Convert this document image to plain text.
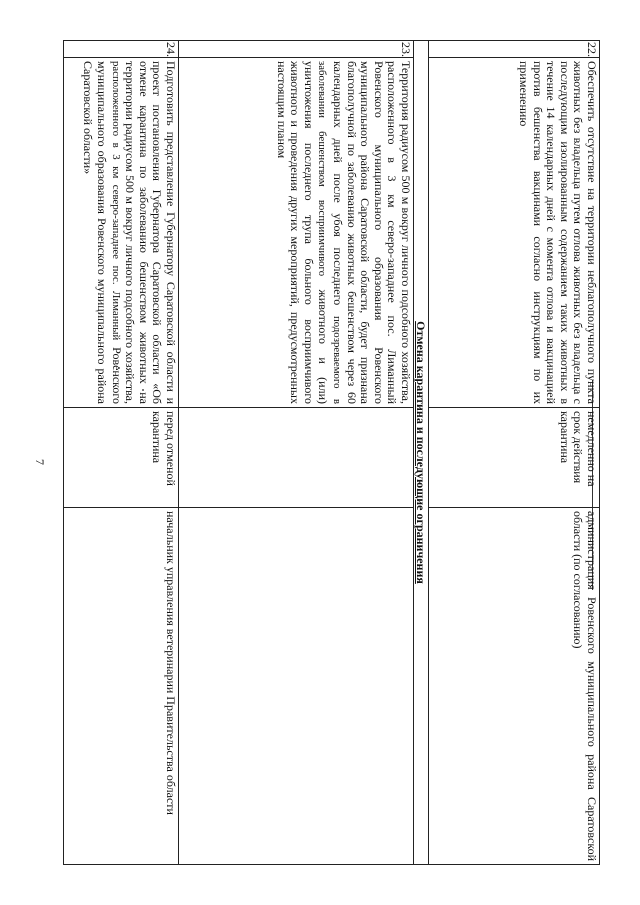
7
22.	Обеспечить отсутствие на территории неблагополучного пункта животных без владельца путем отлова животных без владельца с последующим изолированным содержанием таких животных в течение 14 календарных дней с момента отлова и вакцинацией против бешенства вакцинами согласно инструкциям по их применению	немедленно на срок действия карантина	администрация Ровенского муниципального района Саратовской области (по согласованию)
Отмена карантина и последующие ограничения			
23.	Территория радиусом 500 м вокруг личного подсобного хозяйства, расположенного в 3 км северо-западнее пос. Лиманный Ровенского муниципального образования Ровенского муниципального района Саратовской области, будет признана благополучной по заболеванию животных бешенством через 60 календарных дней после убоя последнего подозреваемого в заболевании бешенством восприимчивого животного и (или) уничтожения последнего трупа больного восприимчивого животного и проведения других мероприятий, предусмотренных настоящим планом		
24.	Подготовить представление Губернатору Саратовской области и проект постановления Губернатора Саратовской области «Об отмене карантина по заболеванию бешенством животных на территории радиусом 500 м вокруг личного подсобного хозяйства, расположенного в 3 км северо-западнее пос. Лиманный Ровенского муниципального образования Ровенского муниципального района Саратовской области»	перед отменой карантина	начальник управления ветеринарии Правительства области
